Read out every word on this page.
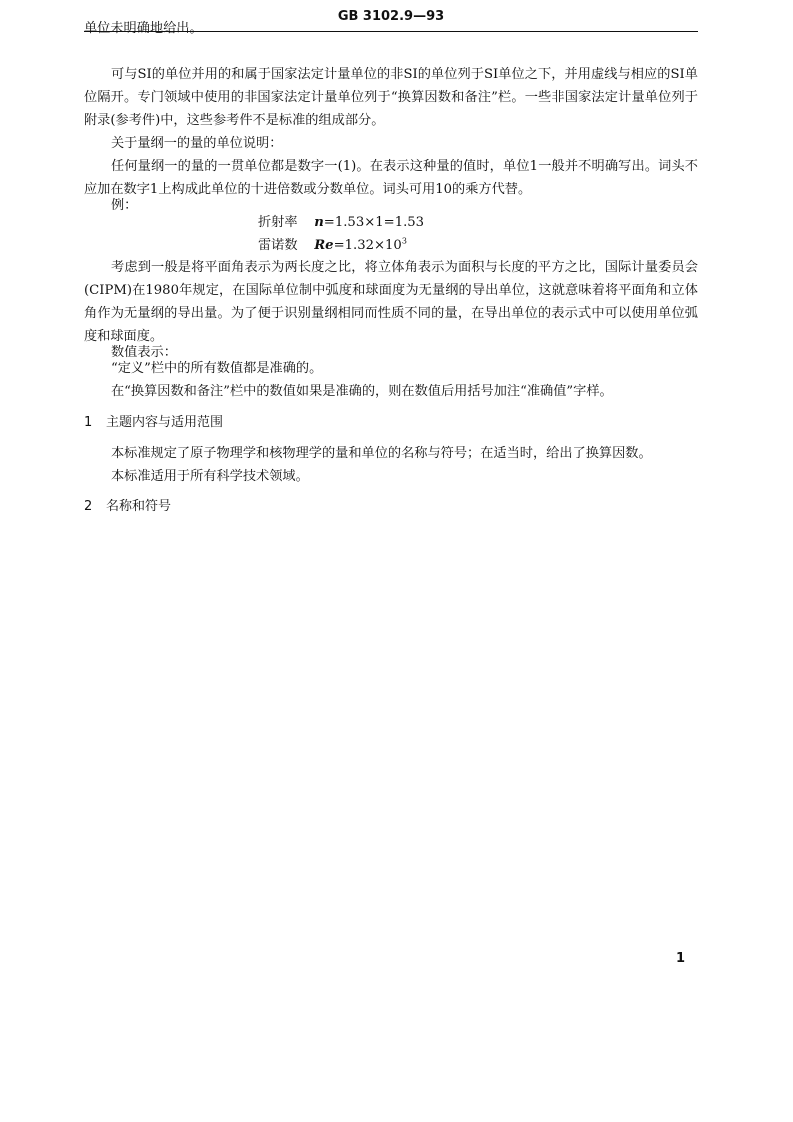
GB 3102.9—93

单位未明确地给出。

可与SI的单位并用的和属于国家法定计量单位的非SI的单位列于SI单位之下，并用虚线与相应的SI单位隔开。专门领域中使用的非国家法定计量单位列于“换算因数和备注”栏。一些非国家法定计量单位列于附录(参考件)中，这些参考件不是标准的组成部分。

关于量纲一的量的单位说明：

任何量纲一的量的一贯单位都是数字一(1)。在表示这种量的值时，单位1一般并不明确写出。词头不应加在数字1上构成此单位的十进倍数或分数单位。词头可用10的乘方代替。

例：

折射率 n=1.53×1=1.53
雷诺数 $Re=1.32\times 10^3$

考虑到一般是将平面角表示为两长度之比，将立体角表示为面积与长度的平方之比，国际计量委员会(CIPM)在1980年规定，在国际单位制中弧度和球面度为无量纲的导出单位，这就意味着将平面角和立体角作为无量纲的导出量。为了便于识别量纲相同而性质不同的量，在导出单位的表示式中可以使用单位弧度和球面度。

数值表示：

“定义”栏中的所有数值都是准确的。

在“换算因数和备注”栏中的数值如果是准确的，则在数值后用括号加注“准确值”字样。

1 主题内容与适用范围

本标准规定了原子物理学和核物理学的量和单位的名称与符号；在适当时，给出了换算因数。

本标准适用于所有科学技术领域。

2 名称和符号
1
